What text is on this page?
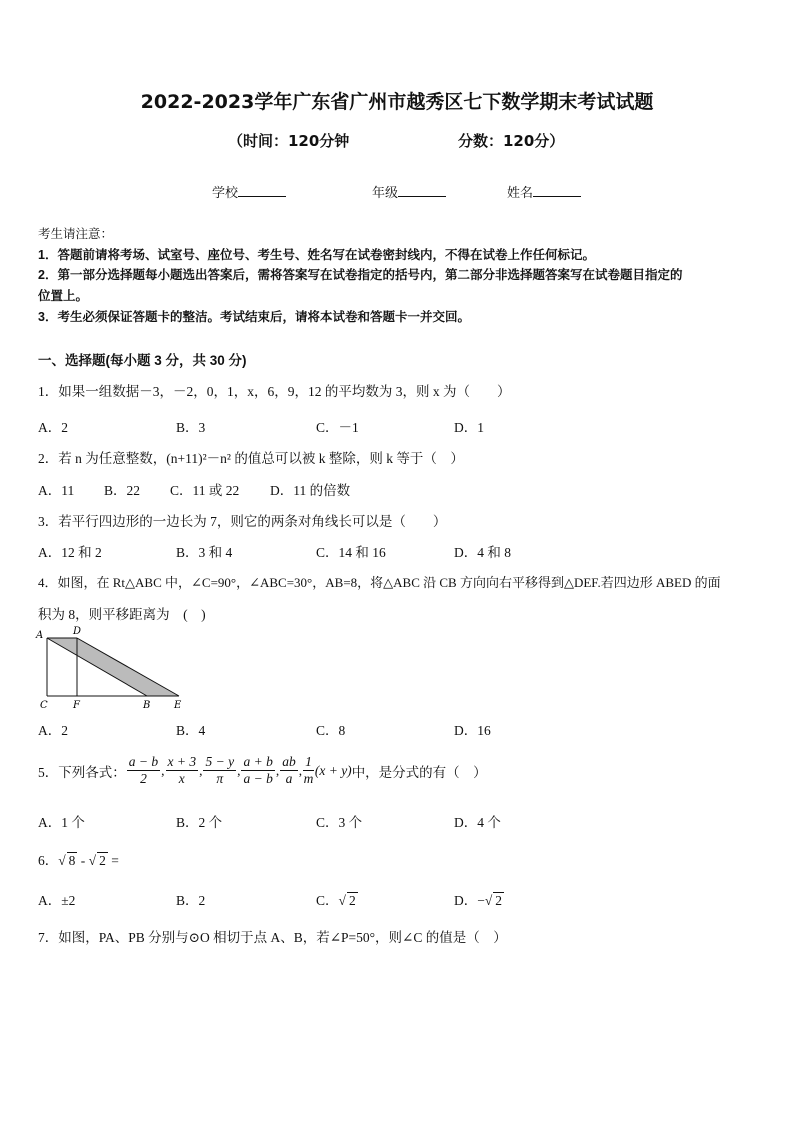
2022-2023学年广东省广州市越秀区七下数学期末考试试题
（时间：120分钟	分数：120分）
学校	年级	姓名
考生请注意：
1．答题前请将考场、试室号、座位号、考生号、姓名写在试卷密封线内，不得在试卷上作任何标记。
2．第一部分选择题每小题选出答案后，需将答案写在试卷指定的括号内，第二部分非选择题答案写在试卷题目指定的
位置上。
3．考生必须保证答题卡的整洁。考试结束后，请将本试卷和答题卡一并交回。
一、选择题(每小题 3 分，共 30 分)
1．如果一组数据－3，－2，0，1，x，6，9，12 的平均数为 3，则 x 为（　　）
A．2	B．3	C．－1	D．1
2．若 n 为任意整数，(n+11)²－n² 的值总可以被 k 整除，则 k 等于（　）
A．11 B．22 C．11 或 22 D．11 的倍数
3．若平行四边形的一边长为 7，则它的两条对角线长可以是（　　）
A．12 和 2	B．3 和 4	C．14 和 16	D．4 和 8
4．如图，在 Rt△ABC 中，∠C=90°，∠ABC=30°，AB=8，将△ABC 沿 CB 方向向右平移得到△DEF.若四边形 ABED 的面
积为 8，则平移距离为　(　)
A	D
C	F	B E
A．2	B．4	C．8	D．16
5．下列各式： $\frac{a - b}{2}$ , $\frac{x + 3}{x}$ , $\frac{5 - y}{\pi}$ , $\frac{a + b}{a - b}$ , $\frac{ab}{a}$ , $\frac{1}{m} (x + y)$ 中，是分式的有（　）
A．1 个	B．2 个	C．3 个	D．4 个
6．√ 8 - √ 2 =
A．±2	B．2	C．√ 2	D．−√ 2
7．如图，PA、PB 分别与⊙O 相切于点 A、B，若∠P=50°，则∠C 的值是（　）
